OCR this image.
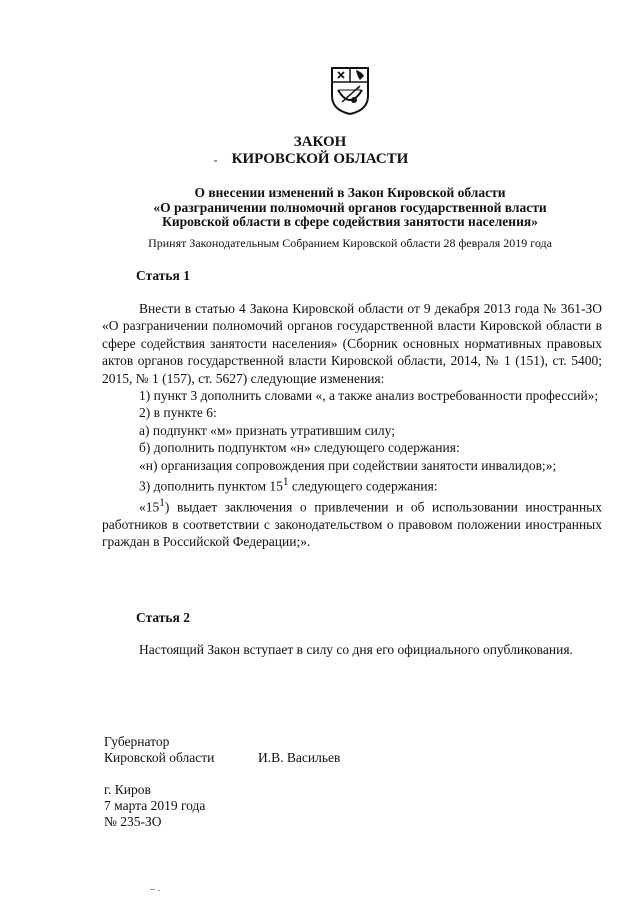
ЗАКОН
КИРОВСКОЙ ОБЛАСТИ
О внесении изменений в Закон Кировской области
«О разграничении полномочий органов государственной власти
Кировской области в сфере содействия занятости населения»
Принят Законодательным Собранием Кировской области 28 февраля 2019 года
Статья 1

Внести в статью 4 Закона Кировской области от 9 декабря 2013 года № 361-ЗО «О разграничении полномочий органов государственной власти Кировской области в сфере содействия занятости населения» (Сборник основных нормативных правовых актов органов государственной власти Кировской области, 2014, № 1 (151), ст. 5400; 2015, № 1 (157), ст. 5627) следующие изменения:

1) пункт 3 дополнить словами «, а также анализ востребованности профессий»;

2) в пункте 6:

а) подпункт «м» признать утратившим силу;

б) дополнить подпунктом «н» следующего содержания:

«н) организация сопровождения при содействии занятости инвалидов;»;

3) дополнить пунктом $15^1$ следующего содержания:

«$15^1$) выдает заключения о привлечении и об использовании иностранных работников в соответствии с законодательством о правовом положении иностранных граждан в Российской Федерации;».

Статья 2

Настоящий Закон вступает в силу со дня его официального опубликования.

Губернатор
Кировской области	И.В. Васильев
г. Киров
7 марта 2019 года
№ 235-ЗО
